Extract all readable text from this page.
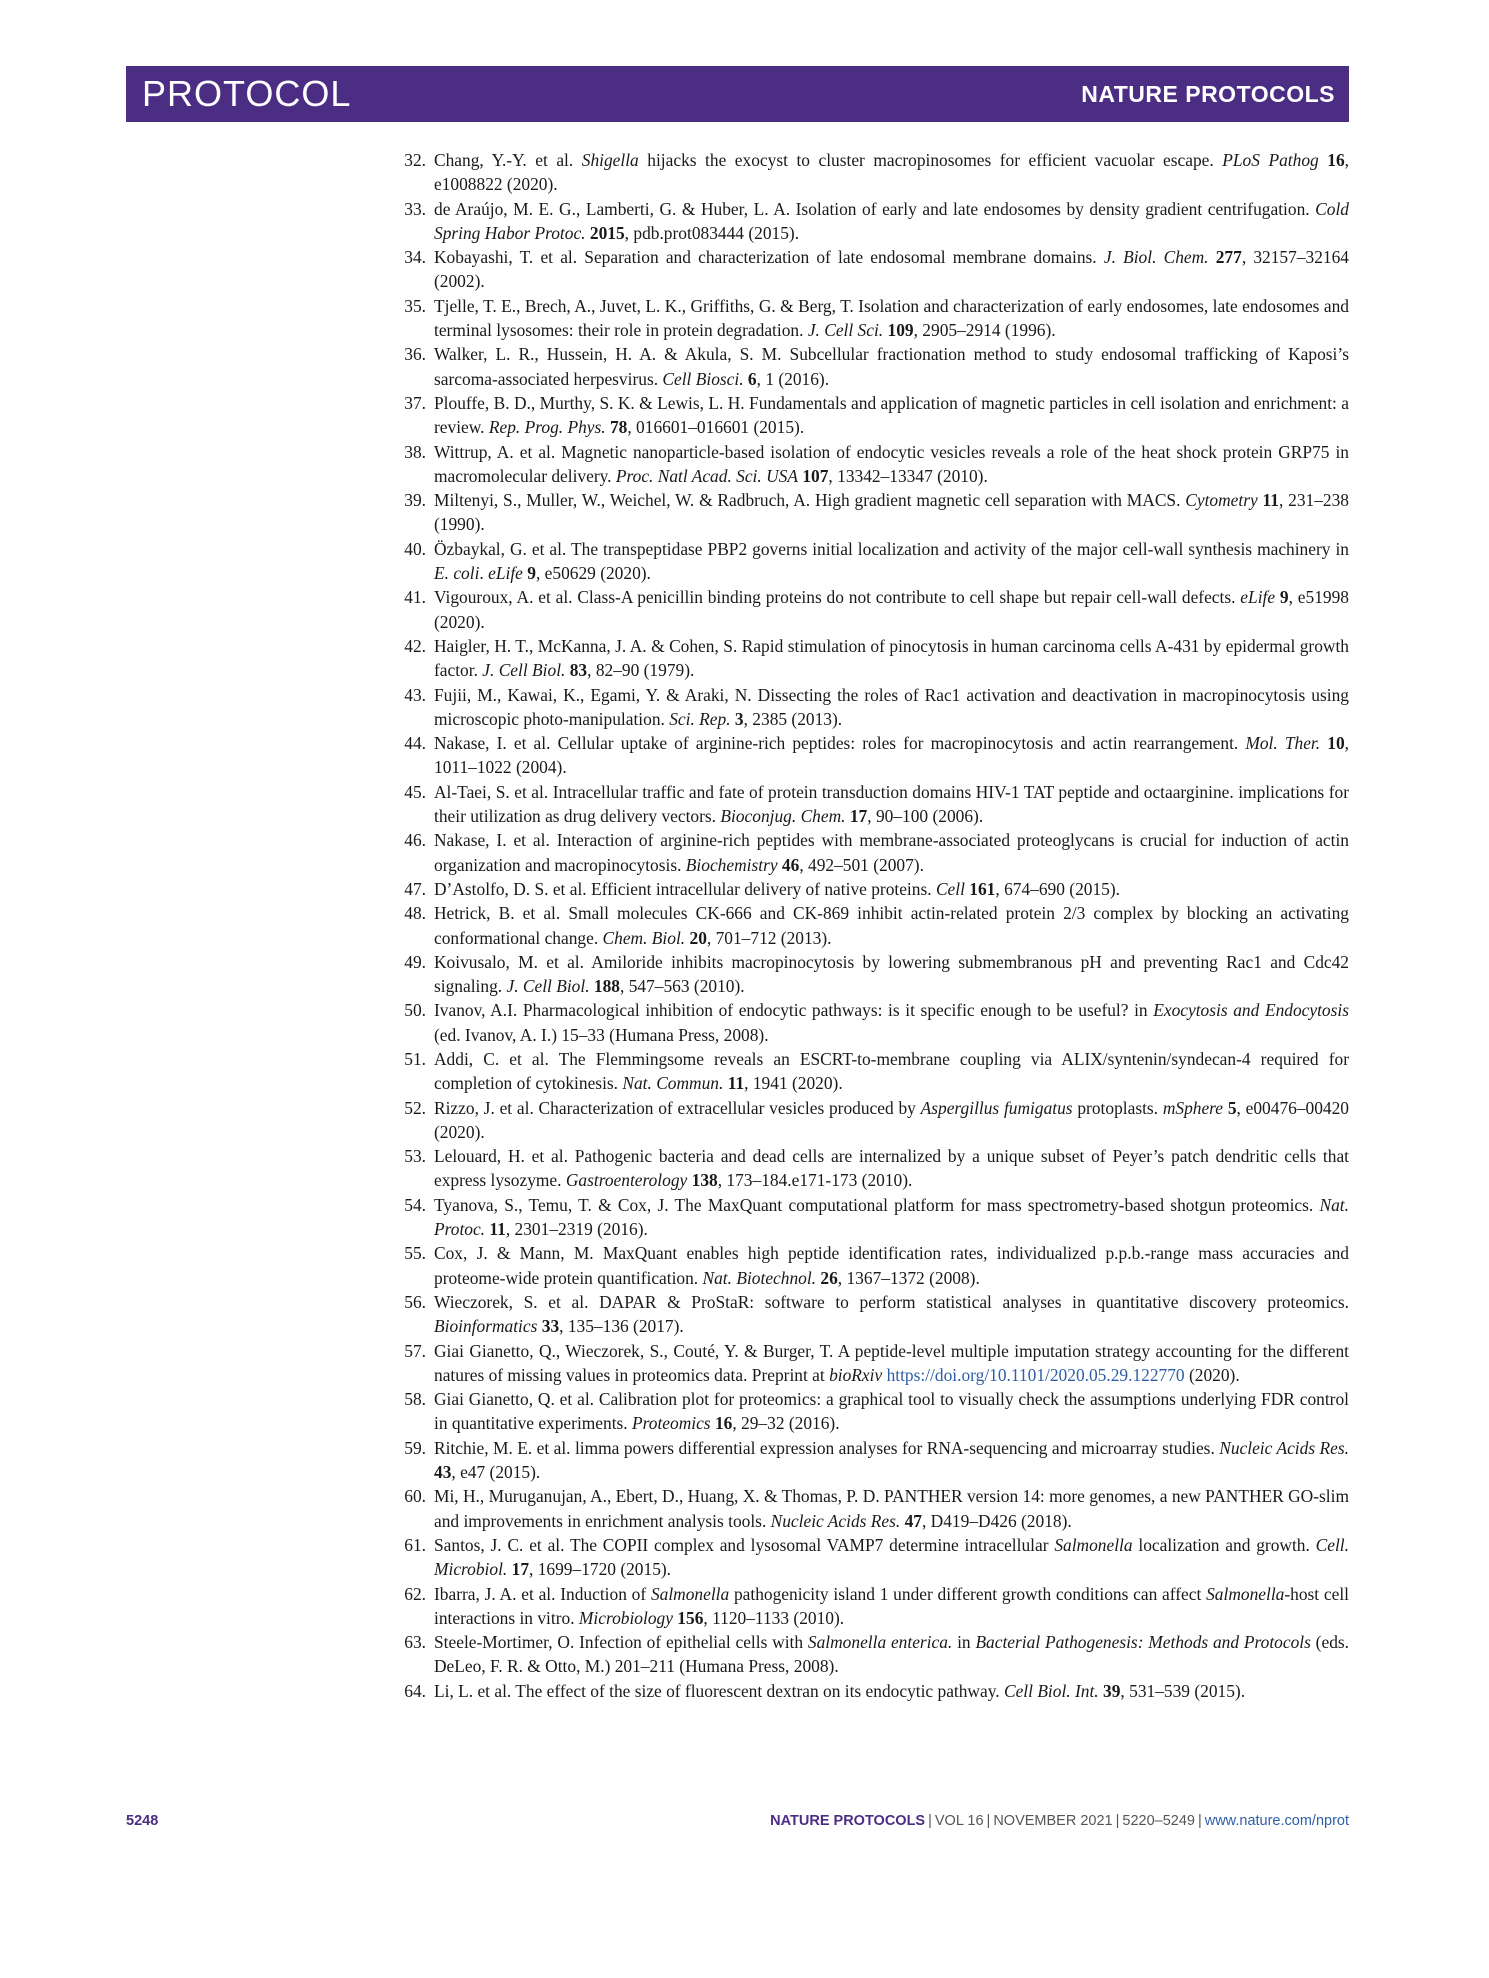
PROTOCOL	NATURE PROTOCOLS
32. Chang, Y.-Y. et al. Shigella hijacks the exocyst to cluster macropinosomes for efficient vacuolar escape. PLoS Pathog 16, e1008822 (2020).
33. de Araújo, M. E. G., Lamberti, G. & Huber, L. A. Isolation of early and late endosomes by density gradient centrifugation. Cold Spring Habor Protoc. 2015, pdb.prot083444 (2015).
34. Kobayashi, T. et al. Separation and characterization of late endosomal membrane domains. J. Biol. Chem. 277, 32157–32164 (2002).
35. Tjelle, T. E., Brech, A., Juvet, L. K., Griffiths, G. & Berg, T. Isolation and characterization of early endosomes, late endosomes and terminal lysosomes: their role in protein degradation. J. Cell Sci. 109, 2905–2914 (1996).
36. Walker, L. R., Hussein, H. A. & Akula, S. M. Subcellular fractionation method to study endosomal trafficking of Kaposi’s sarcoma-associated herpesvirus. Cell Biosci. 6, 1 (2016).
37. Plouffe, B. D., Murthy, S. K. & Lewis, L. H. Fundamentals and application of magnetic particles in cell isolation and enrichment: a review. Rep. Prog. Phys. 78, 016601–016601 (2015).
38. Wittrup, A. et al. Magnetic nanoparticle-based isolation of endocytic vesicles reveals a role of the heat shock protein GRP75 in macromolecular delivery. Proc. Natl Acad. Sci. USA 107, 13342–13347 (2010).
39. Miltenyi, S., Muller, W., Weichel, W. & Radbruch, A. High gradient magnetic cell separation with MACS. Cytometry 11, 231–238 (1990).
40. Özbaykal, G. et al. The transpeptidase PBP2 governs initial localization and activity of the major cell-wall synthesis machinery in E. coli. eLife 9, e50629 (2020).
41. Vigouroux, A. et al. Class-A penicillin binding proteins do not contribute to cell shape but repair cell-wall defects. eLife 9, e51998 (2020).
42. Haigler, H. T., McKanna, J. A. & Cohen, S. Rapid stimulation of pinocytosis in human carcinoma cells A-431 by epidermal growth factor. J. Cell Biol. 83, 82–90 (1979).
43. Fujii, M., Kawai, K., Egami, Y. & Araki, N. Dissecting the roles of Rac1 activation and deactivation in macropinocytosis using microscopic photo-manipulation. Sci. Rep. 3, 2385 (2013).
44. Nakase, I. et al. Cellular uptake of arginine-rich peptides: roles for macropinocytosis and actin rearrangement. Mol. Ther. 10, 1011–1022 (2004).
45. Al-Taei, S. et al. Intracellular traffic and fate of protein transduction domains HIV-1 TAT peptide and octaarginine. implications for their utilization as drug delivery vectors. Bioconjug. Chem. 17, 90–100 (2006).
46. Nakase, I. et al. Interaction of arginine-rich peptides with membrane-associated proteoglycans is crucial for induction of actin organization and macropinocytosis. Biochemistry 46, 492–501 (2007).
47. D’Astolfo, D. S. et al. Efficient intracellular delivery of native proteins. Cell 161, 674–690 (2015).
48. Hetrick, B. et al. Small molecules CK-666 and CK-869 inhibit actin-related protein 2/3 complex by blocking an activating conformational change. Chem. Biol. 20, 701–712 (2013).
49. Koivusalo, M. et al. Amiloride inhibits macropinocytosis by lowering submembranous pH and preventing Rac1 and Cdc42 signaling. J. Cell Biol. 188, 547–563 (2010).
50. Ivanov, A.I. Pharmacological inhibition of endocytic pathways: is it specific enough to be useful? in Exocytosis and Endocytosis (ed. Ivanov, A. I.) 15–33 (Humana Press, 2008).
51. Addi, C. et al. The Flemmingsome reveals an ESCRT-to-membrane coupling via ALIX/syntenin/syndecan-4 required for completion of cytokinesis. Nat. Commun. 11, 1941 (2020).
52. Rizzo, J. et al. Characterization of extracellular vesicles produced by Aspergillus fumigatus protoplasts. mSphere 5, e00476–00420 (2020).
53. Lelouard, H. et al. Pathogenic bacteria and dead cells are internalized by a unique subset of Peyer’s patch dendritic cells that express lysozyme. Gastroenterology 138, 173–184.e171-173 (2010).
54. Tyanova, S., Temu, T. & Cox, J. The MaxQuant computational platform for mass spectrometry-based shotgun proteomics. Nat. Protoc. 11, 2301–2319 (2016).
55. Cox, J. & Mann, M. MaxQuant enables high peptide identification rates, individualized p.p.b.-range mass accuracies and proteome-wide protein quantification. Nat. Biotechnol. 26, 1367–1372 (2008).
56. Wieczorek, S. et al. DAPAR & ProStaR: software to perform statistical analyses in quantitative discovery proteomics. Bioinformatics 33, 135–136 (2017).
57. Giai Gianetto, Q., Wieczorek, S., Couté, Y. & Burger, T. A peptide-level multiple imputation strategy accounting for the different natures of missing values in proteomics data. Preprint at bioRxiv https://doi.org/10.1101/2020.05.29.122770 (2020).
58. Giai Gianetto, Q. et al. Calibration plot for proteomics: a graphical tool to visually check the assumptions underlying FDR control in quantitative experiments. Proteomics 16, 29–32 (2016).
59. Ritchie, M. E. et al. limma powers differential expression analyses for RNA-sequencing and microarray studies. Nucleic Acids Res. 43, e47 (2015).
60. Mi, H., Muruganujan, A., Ebert, D., Huang, X. & Thomas, P. D. PANTHER version 14: more genomes, a new PANTHER GO-slim and improvements in enrichment analysis tools. Nucleic Acids Res. 47, D419–D426 (2018).
61. Santos, J. C. et al. The COPII complex and lysosomal VAMP7 determine intracellular Salmonella localization and growth. Cell. Microbiol. 17, 1699–1720 (2015).
62. Ibarra, J. A. et al. Induction of Salmonella pathogenicity island 1 under different growth conditions can affect Salmonella-host cell interactions in vitro. Microbiology 156, 1120–1133 (2010).
63. Steele-Mortimer, O. Infection of epithelial cells with Salmonella enterica. in Bacterial Pathogenesis: Methods and Protocols (eds. DeLeo, F. R. & Otto, M.) 201–211 (Humana Press, 2008).
64. Li, L. et al. The effect of the size of fluorescent dextran on its endocytic pathway. Cell Biol. Int. 39, 531–539 (2015).
5248	NATURE PROTOCOLS | VOL 16 | NOVEMBER 2021 | 5220–5249 | www.nature.com/nprot
